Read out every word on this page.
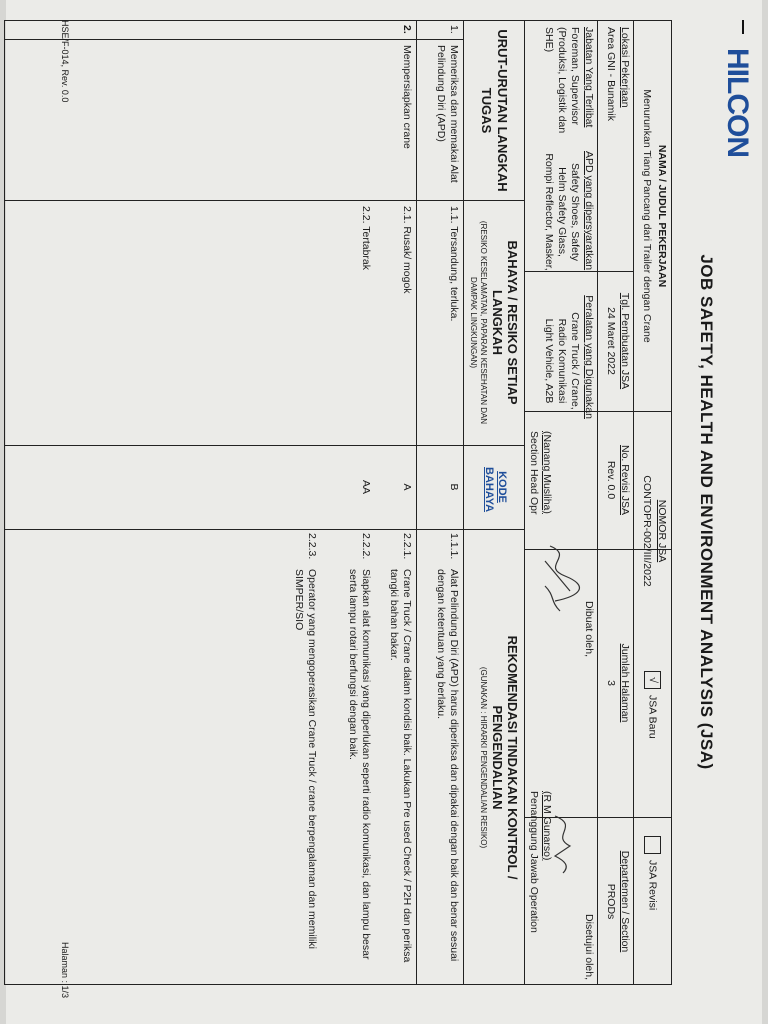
HILCON
JOB SAFETY, HEALTH AND ENVIRONMENT ANALYSIS (JSA)
NAMA / JUDUL PEKERJAAN
Menurunkan Tiang Pancang dari Trailer dengan Crane
NOMOR JSA
CONTOPR-002/III/2022
√JSA Baru
JSA Revisi
Lokasi Pekerjaan
Area GNI - Bunamik
Tgl. Pembuatan JSA
24 Maret 2022
No. Revisi JSA
Rev. 0.0
Jumlah Halaman
3
Departemen / Section
PRODs
Jabatan Yang Terlibat
Foreman, Supervisor (Produksi, Logistik dan SHE)
APD yang dipersyaratkan
Safety Shoes, Safety Helm Safety Glass, Rompi Reflector, Masker,
Peralatan yang Digunakan
Crane Truck / Crane, Radio Komunikasi Light Vehicle, A2B
Dibuat oleh,
(Nanang Musliha)
Section Head Opr
Disetujui oleh,
(R M Gunarso)
Penanggung Jawab Operation
URUT-URUTAN LANGKAH TUGAS
BAHAYA / RESIKO SETIAP LANGKAH
(RESIKO KESELAMATAN, PAPARAN KESEHATAN DAN DAMPAK LINGKUNGAN)
KODE BAHAYA
REKOMENDASI TINDAKAN KONTROL / PENGENDALIAN
(GUNAKAN : HIRARKI PENGENDALIAN RESIKO)
1.
Memeriksa dan memakai Alat Pelindung Diri (APD)
1.1. Tersandung, terluka.
B
1.1.1.
Alat Pelindung Diri (APD) harus diperiksa dan dipakai dengan baik dan benar sesuai dengan ketentuan yang berlaku.
2.
Mempersiapkan crane
2.1. Rusak/ mogok
A
2.2. Tertabrak
AA
2.2.1.
Crane Truck / Crane dalam kondisi baik. Lakukan Pre used Check / P2H dan periksa tangki bahan bakar.
2.2.2.
Siapkan alat komunikasi yang diperlukan seperti radio komunikasi, dan lampu besar serta lampu rotari berfungsi dengan baik.
2.2.3.
Operator yang mengoperasikan Crane Truck / crane berpengalaman dan memiliki SIMPER/SIO
HSE/F-014, Rev. 0.0
Halaman : 1/3
